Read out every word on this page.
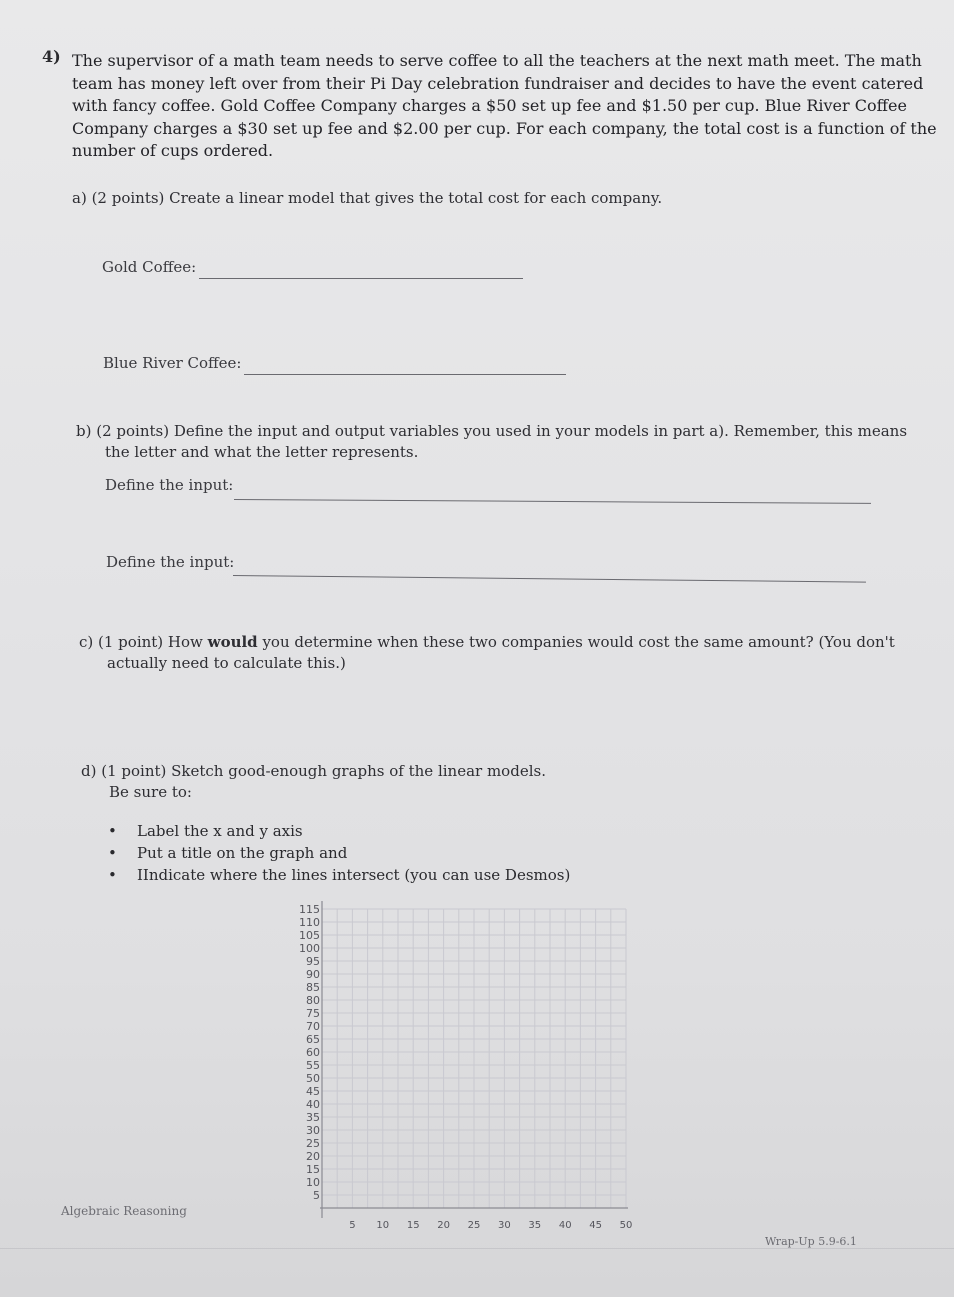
4) The supervisor of a math team needs to serve coffee to all the teachers at the next math meet. The math team has money left over from their Pi Day celebration fundraiser and decides to have the event catered with fancy coffee. Gold Coffee Company charges a $50 set up fee and $1.50 per cup. Blue River Coffee Company charges a $30 set up fee and $2.00 per cup. For each company, the total cost is a function of the number of cups ordered.
a) (2 points) Create a linear model that gives the total cost for each company.
Gold Coffee:
Blue River Coffee:
b) (2 points) Define the input and output variables you used in your models in part a). Remember, this means
the letter and what the letter represents.
Define the input:
Define the input:
c) (1 point) How would you determine when these two companies would cost the same amount? (You don't
actually need to calculate this.)
d) (1 point) Sketch good-enough graphs of the linear models.
Be sure to:
• Label the x and y axis
• Put a title on the graph and
• IIndicate where the lines intersect (you can use Desmos)
5
10
15
20
25
30
35
40
45
50
55
60
65
70
75
80
85
90
95
100
105
110
115
5 10 15 20 25 30 35 40 45 50
Algebraic Reasoning
Wrap-Up 5.9-6.1
